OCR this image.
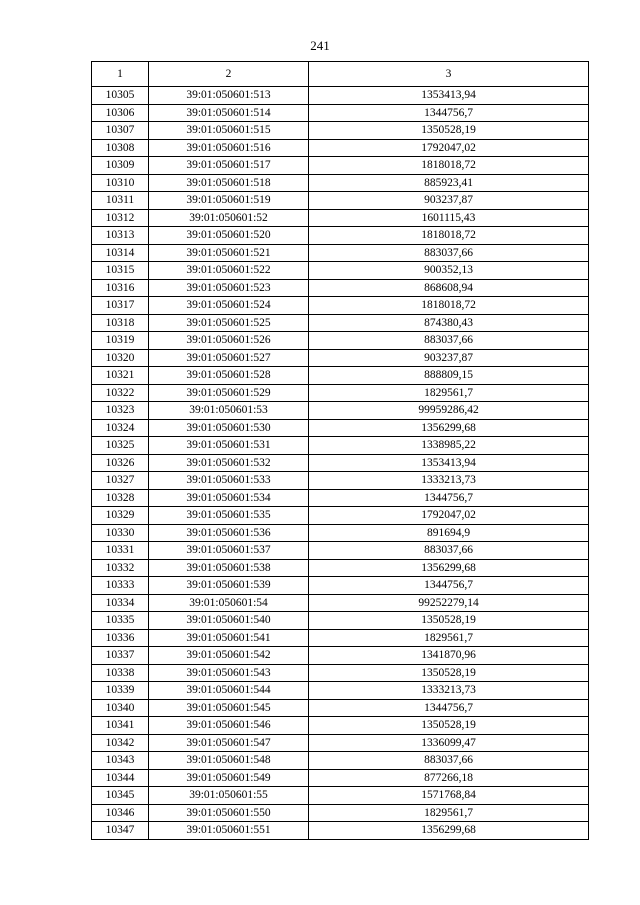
241
1	2	3
10305	39:01:050601:513	1353413,94
10306	39:01:050601:514	1344756,7
10307	39:01:050601:515	1350528,19
10308	39:01:050601:516	1792047,02
10309	39:01:050601:517	1818018,72
10310	39:01:050601:518	885923,41
10311	39:01:050601:519	903237,87
10312	39:01:050601:52	1601115,43
10313	39:01:050601:520	1818018,72
10314	39:01:050601:521	883037,66
10315	39:01:050601:522	900352,13
10316	39:01:050601:523	868608,94
10317	39:01:050601:524	1818018,72
10318	39:01:050601:525	874380,43
10319	39:01:050601:526	883037,66
10320	39:01:050601:527	903237,87
10321	39:01:050601:528	888809,15
10322	39:01:050601:529	1829561,7
10323	39:01:050601:53	99959286,42
10324	39:01:050601:530	1356299,68
10325	39:01:050601:531	1338985,22
10326	39:01:050601:532	1353413,94
10327	39:01:050601:533	1333213,73
10328	39:01:050601:534	1344756,7
10329	39:01:050601:535	1792047,02
10330	39:01:050601:536	891694,9
10331	39:01:050601:537	883037,66
10332	39:01:050601:538	1356299,68
10333	39:01:050601:539	1344756,7
10334	39:01:050601:54	99252279,14
10335	39:01:050601:540	1350528,19
10336	39:01:050601:541	1829561,7
10337	39:01:050601:542	1341870,96
10338	39:01:050601:543	1350528,19
10339	39:01:050601:544	1333213,73
10340	39:01:050601:545	1344756,7
10341	39:01:050601:546	1350528,19
10342	39:01:050601:547	1336099,47
10343	39:01:050601:548	883037,66
10344	39:01:050601:549	877266,18
10345	39:01:050601:55	1571768,84
10346	39:01:050601:550	1829561,7
10347	39:01:050601:551	1356299,68
